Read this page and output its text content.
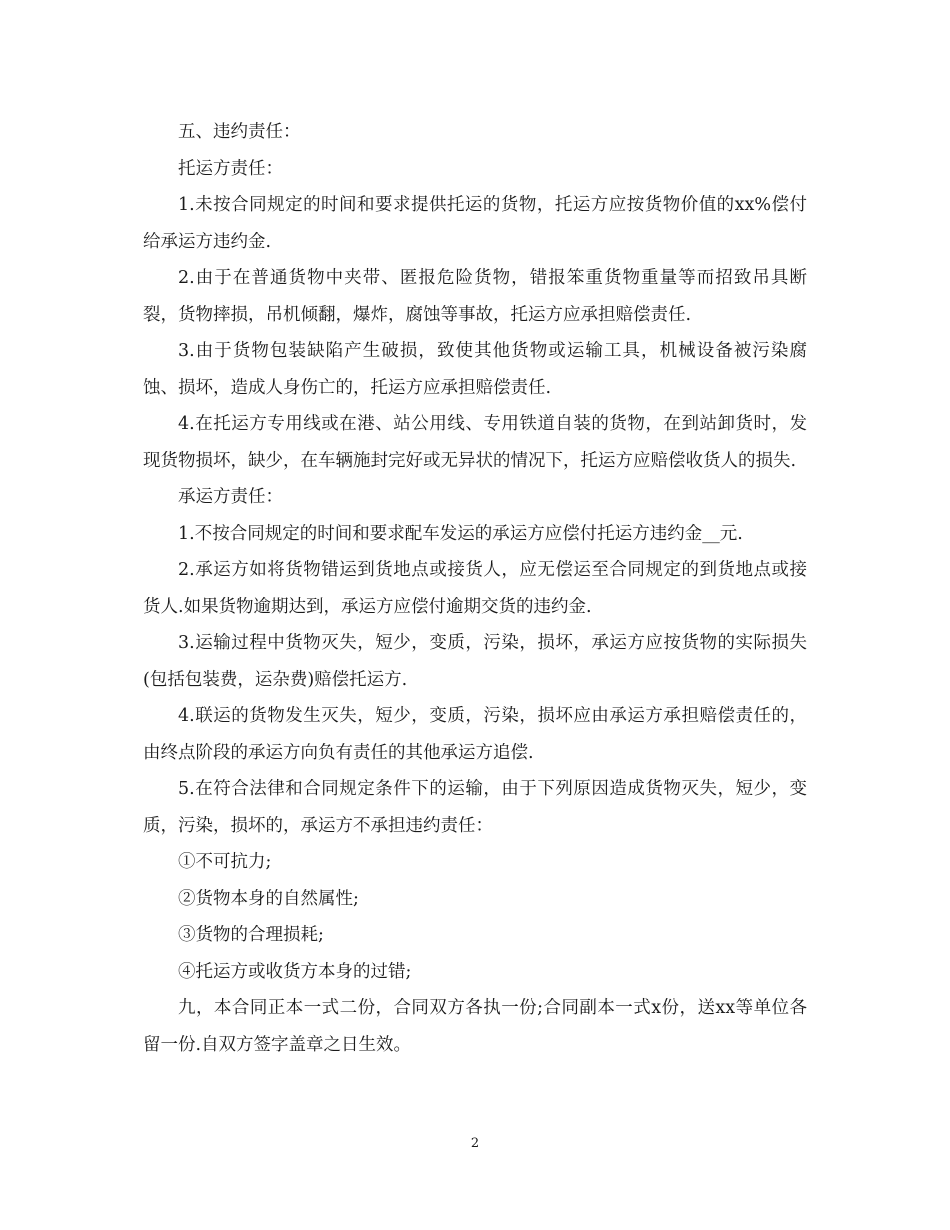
五、违约责任：

托运方责任：

1.未按合同规定的时间和要求提供托运的货物，托运方应按货物价值的xx%偿付给承运方违约金.

2.由于在普通货物中夹带、匿报危险货物，错报笨重货物重量等而招致吊具断裂，货物摔损，吊机倾翻，爆炸，腐蚀等事故，托运方应承担赔偿责任.

3.由于货物包装缺陷产生破损，致使其他货物或运输工具，机械设备被污染腐蚀、损坏，造成人身伤亡的，托运方应承担赔偿责任.

4.在托运方专用线或在港、站公用线、专用铁道自装的货物，在到站卸货时，发现货物损坏，缺少，在车辆施封完好或无异状的情况下，托运方应赔偿收货人的损失.

承运方责任：

1.不按合同规定的时间和要求配车发运的承运方应偿付托运方违约金__元.

2.承运方如将货物错运到货地点或接货人，应无偿运至合同规定的到货地点或接货人.如果货物逾期达到，承运方应偿付逾期交货的违约金.

3.运输过程中货物灭失，短少，变质，污染，损坏，承运方应按货物的实际损失(包括包装费，运杂费)赔偿托运方.

4.联运的货物发生灭失，短少，变质，污染，损坏应由承运方承担赔偿责任的，由终点阶段的承运方向负有责任的其他承运方追偿.

5.在符合法律和合同规定条件下的运输，由于下列原因造成货物灭失，短少，变质，污染，损坏的，承运方不承担违约责任：

①不可抗力;

②货物本身的自然属性;

③货物的合理损耗;

④托运方或收货方本身的过错;

九，本合同正本一式二份，合同双方各执一份;合同副本一式x份，送xx等单位各留一份.自双方签字盖章之日生效。

2
